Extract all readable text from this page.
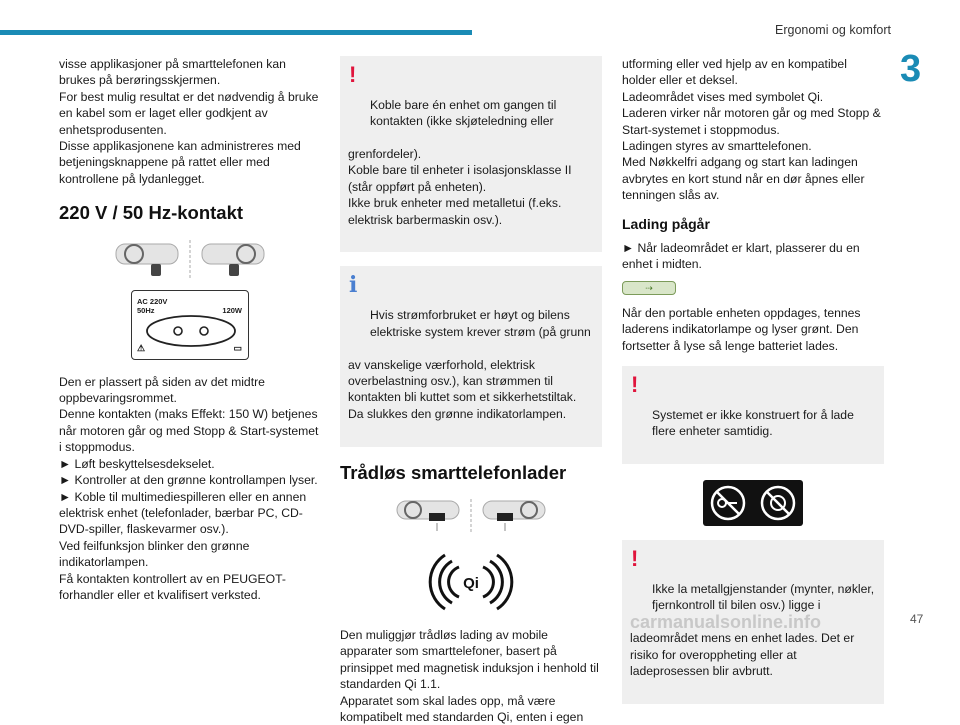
Ergonomi og komfort
3

visse applikasjoner på smarttelefonen kan brukes på berøringsskjermen.
For best mulig resultat er det nødvendig å bruke en kabel som er laget eller godkjent av enhetsprodusenten.
Disse applikasjonene kan administreres med betjeningsknappene på rattet eller med kontrollene på lydanlegget.

220 V / 50 Hz-kontakt
AC 220V
50Hz	120W
⚠	▭

Den er plassert på siden av det midtre oppbevaringsrommet.
Denne kontakten (maks Effekt: 150 W) betjenes når motoren går og med Stopp & Start-systemet i stoppmodus.
► Løft beskyttelsesdekselet.
► Kontroller at den grønne kontrollampen lyser.
► Koble til multimediespilleren eller en annen elektrisk enhet (telefonlader, bærbar PC, CD-DVD-spiller, flaskevarmer osv.).
Ved feilfunksjon blinker den grønne indikatorlampen.
Få kontakten kontrollert av en PEUGEOT-forhandler eller et kvalifisert verksted.

!

Koble bare én enhet om gangen til kontakten (ikke skjøteledning eller

grenfordeler).
Koble bare til enheter i isolasjonsklasse II (står oppført på enheten).
Ikke bruk enheter med metalletui (f.eks. elektrisk barbermaskin osv.).

i

Hvis strømforbruket er høyt og bilens elektriske system krever strøm (på grunn

av vanskelige værforhold, elektrisk overbelastning osv.), kan strømmen til kontakten bli kuttet som et sikkerhetstiltak. Da slukkes den grønne indikatorlampen.

Trådløs smarttelefonlader
Qi

Den muliggjør trådløs lading av mobile apparater som smarttelefoner, basert på prinsippet med magnetisk induksjon i henhold til standarden Qi 1.1.
Apparatet som skal lades opp, må være kompatibelt med standarden Qi, enten i egen

utforming eller ved hjelp av en kompatibel holder eller et deksel.
Ladeområdet vises med symbolet Qi.
Laderen virker når motoren går og med Stopp & Start-systemet i stoppmodus.
Ladingen styres av smarttelefonen.
Med Nøkkelfri adgang og start kan ladingen avbrytes en kort stund når en dør åpnes eller tenningen slås av.

Lading pågår

► Når ladeområdet er klart, plasserer du en enhet i midten.

⇢

Når den portable enheten oppdages, tennes laderens indikatorlampe og lyser grønt. Den fortsetter å lyse så lenge batteriet lades.

!

Systemet er ikke konstruert for å lade flere enheter samtidig.

!

Ikke la metallgjenstander (mynter, nøkler, fjernkontroll til bilen osv.) ligge i

ladeområdet mens en enhet lades. Det er risiko for overoppheting eller at ladeprosessen blir avbrutt.

carmanualsonline.info	47
